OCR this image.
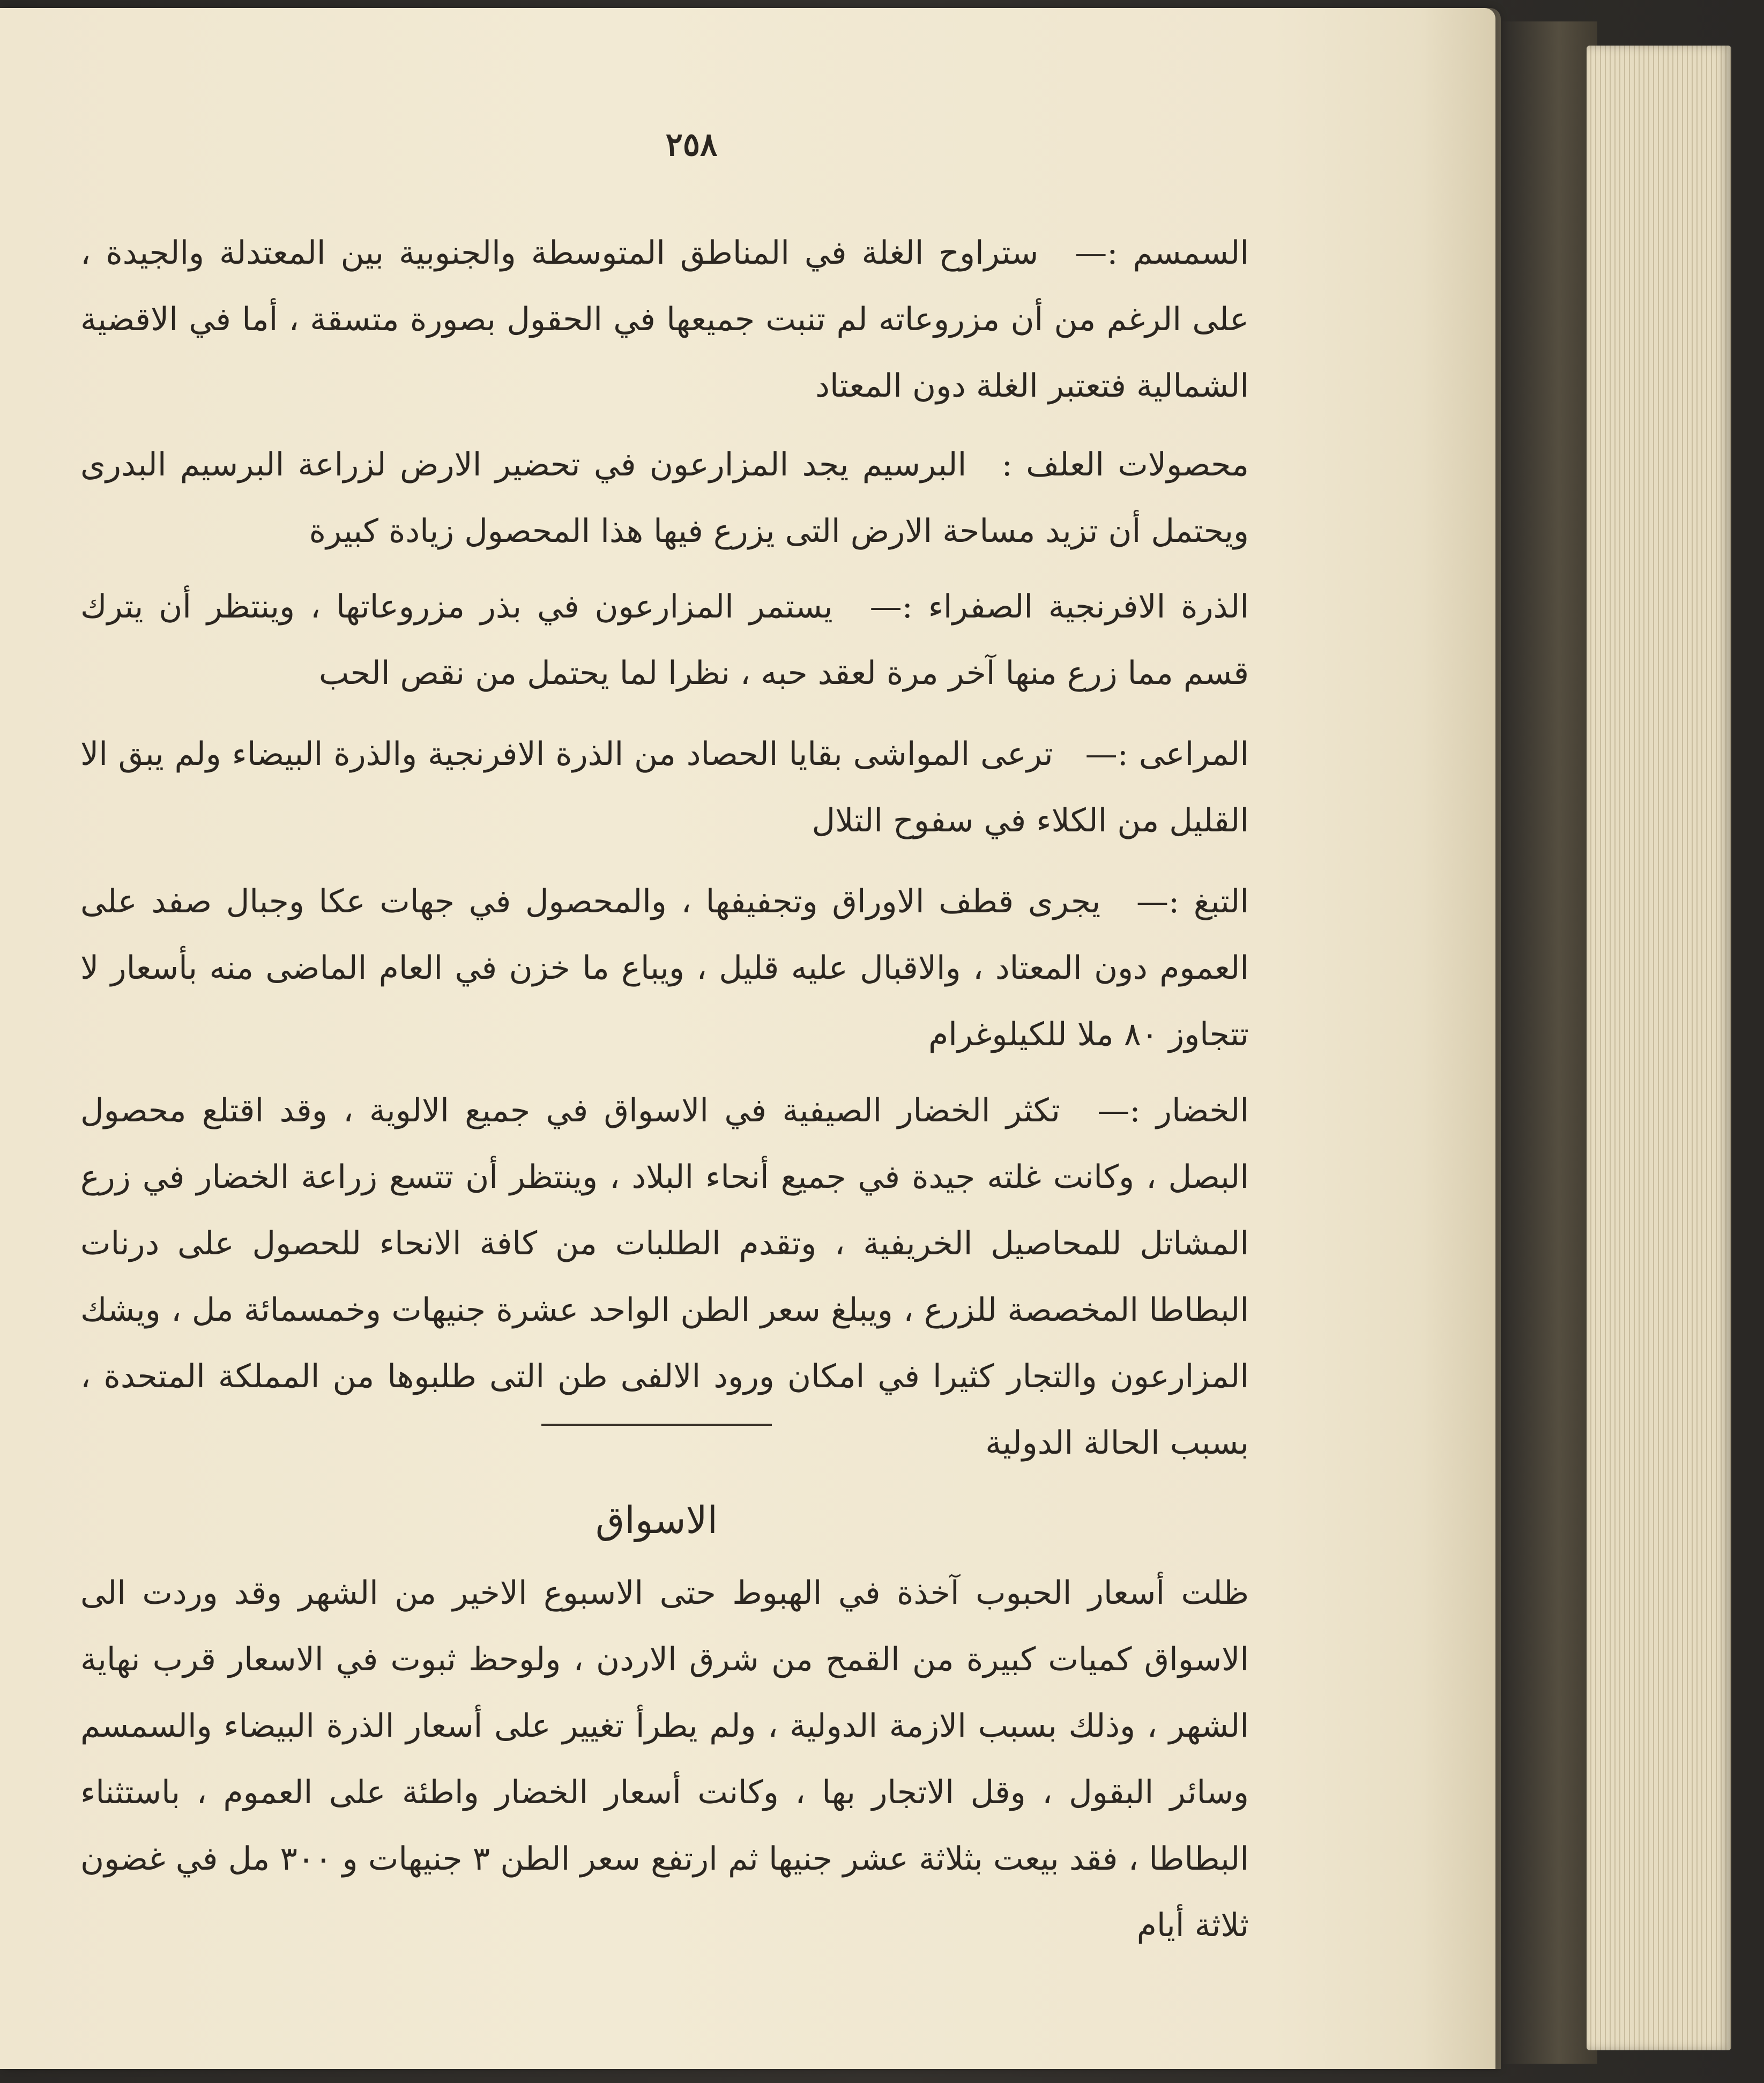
٢٥٨
السمسم :— ستراوح الغلة في المناطق المتوسطة والجنوبية بين المعتدلة والجيدة ، على الرغم من أن مزروعاته لم تنبت جميعها في الحقول بصورة متسقة ، أما في الاقضية الشمالية فتعتبر الغلة دون المعتاد
محصولات العلف : البرسيم يجد المزارعون في تحضير الارض لزراعة البرسيم البدرى ويحتمل أن تزيد مساحة الارض التى يزرع فيها هذا المحصول زيادة كبيرة
الذرة الافرنجية الصفراء :— يستمر المزارعون في بذر مزروعاتها ، وينتظر أن يترك قسم مما زرع منها آخر مرة لعقد حبه ، نظرا لما يحتمل من نقص الحب
المراعى :— ترعى المواشى بقايا الحصاد من الذرة الافرنجية والذرة البيضاء ولم يبق الا القليل من الكلاء في سفوح التلال
التبغ :— يجرى قطف الاوراق وتجفيفها ، والمحصول في جهات عكا وجبال صفد على العموم دون المعتاد ، والاقبال عليه قليل ، ويباع ما خزن في العام الماضى منه بأسعار لا تتجاوز ٨٠ ملا للكيلوغرام
الخضار :— تكثر الخضار الصيفية في الاسواق في جميع الالوية ، وقد اقتلع محصول البصل ، وكانت غلته جيدة في جميع أنحاء البلاد ، وينتظر أن تتسع زراعة الخضار في زرع المشاتل للمحاصيل الخريفية ، وتقدم الطلبات من كافة الانحاء للحصول على درنات البطاطا المخصصة للزرع ، ويبلغ سعر الطن الواحد عشرة جنيهات وخمسمائة مل ، ويشك المزارعون والتجار كثيرا في امكان ورود الالفى طن التى طلبوها من المملكة المتحدة ، بسبب الحالة الدولية
ظلت أسعار الحبوب آخذة في الهبوط حتى الاسبوع الاخير من الشهر وقد وردت الى الاسواق كميات كبيرة من القمح من شرق الاردن ، ولوحظ ثبوت في الاسعار قرب نهاية الشهر ، وذلك بسبب الازمة الدولية ، ولم يطرأ تغيير على أسعار الذرة البيضاء والسمسم وسائر البقول ، وقل الاتجار بها ، وكانت أسعار الخضار واطئة على العموم ، باستثناء البطاطا ، فقد بيعت بثلاثة عشر جنيها ثم ارتفع سعر الطن ٣ جنيهات و ٣٠٠ مل في غضون ثلاثة أيام
الاسواق
